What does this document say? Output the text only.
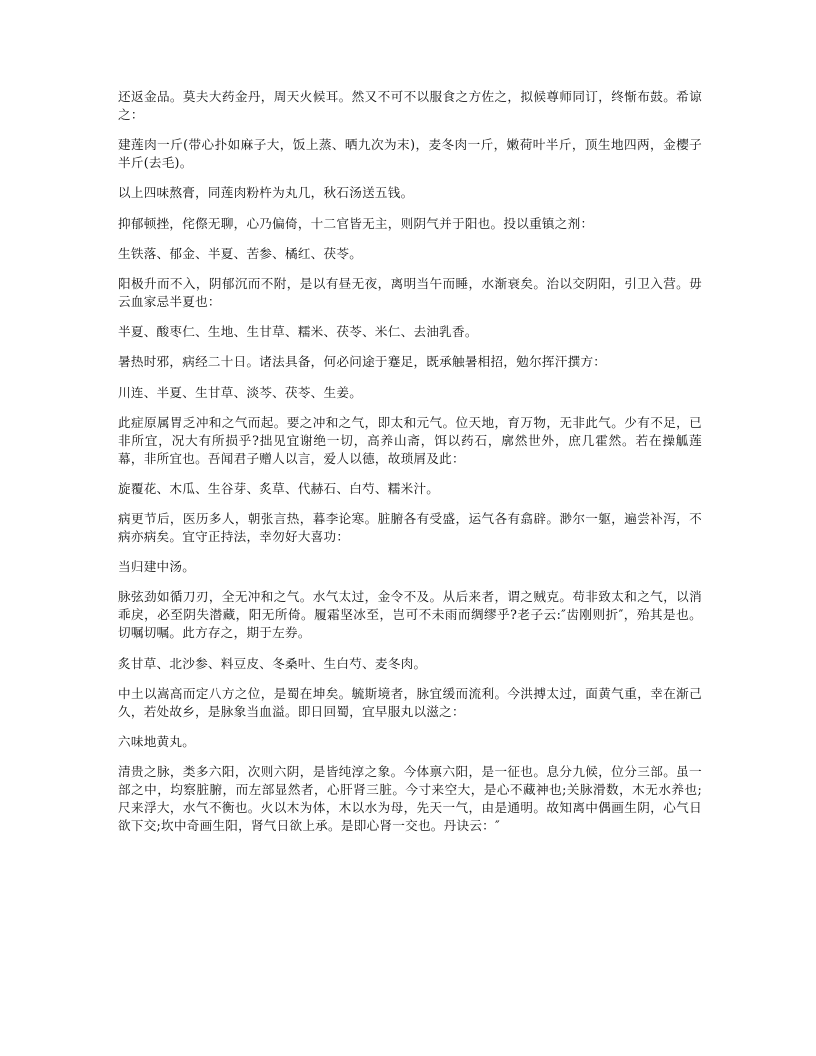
还返金品。莫夫大药金丹，周天火候耳。然又不可不以服食之方佐之，拟候尊师同订，终惭布鼓。希谅之：

建莲肉一斤(带心扑如麻子大，饭上蒸、晒九次为末)，麦冬肉一斤，嫩荷叶半斤，顶生地四两，金樱子半斤(去毛)。

以上四味熬膏，同莲肉粉杵为丸几，秋石汤送五钱。

抑郁顿挫，侘傺无聊，心乃偏倚，十二官皆无主，则阴气并于阳也。投以重镇之剂：

生铁落、郁金、半夏、苦参、橘红、茯苓。

阳极升而不入，阴郁沉而不附，是以有昼无夜，离明当午而睡，水渐衰矣。治以交阴阳，引卫入营。毋云血家忌半夏也：

半夏、酸枣仁、生地、生甘草、糯米、茯苓、米仁、去油乳香。

暑热时邪，病经二十日。诸法具备，何必问途于蹇足，既承触暑相招，勉尔挥汗撰方：

川连、半夏、生甘草、淡芩、茯苓、生姜。

此症原属胃乏冲和之气而起。要之冲和之气，即太和元气。位天地，育万物，无非此气。少有不足，已非所宜，况大有所损乎?拙见宜谢绝一切，高养山斋，饵以药石，廓然世外，庶几霍然。若在操觚莲幕，非所宜也。吾闻君子赠人以言，爱人以德，故琐屑及此：

旋覆花、木瓜、生谷芽、炙草、代赫石、白芍、糯米汁。

病更节后，医历多人，朝张言热，暮李论寒。脏腑各有受盛，运气各有翕辟。渺尔一躯，遍尝补泻，不病亦病矣。宜守正持法，幸勿好大喜功：

当归建中汤。

脉弦劲如循刀刃，全无冲和之气。水气太过，金令不及。从后来者，谓之贼克。苟非致太和之气，以消乖戾，必至阴失潜藏，阳无所倚。履霜坚冰至，岂可不未雨而绸缪乎?老子云:″齿刚则折″，殆其是也。切嘱切嘱。此方存之，期于左券。

炙甘草、北沙参、料豆皮、冬桑叶、生白芍、麦冬肉。

中土以嵩高而定八方之位，是蜀在坤矣。毓斯境者，脉宜缓而流利。今洪搏太过，面黄气重，幸在渐己久，若处故乡，是脉象当血溢。即日回蜀，宜早服丸以滋之：

六味地黄丸。

清贵之脉，类多六阳，次则六阴，是皆纯淳之象。今体禀六阳，是一征也。息分九候，位分三部。虽一部之中，均察脏腑，而左部显然者，心肝肾三脏。今寸来空大，是心不藏神也;关脉滑数，木无水养也;尺来浮大，水气不衡也。火以木为体，木以水为母，先天一气，由是通明。故知离中偶画生阴，心气日欲下交;坎中奇画生阳，肾气日欲上承。是即心肾一交也。丹诀云：″
